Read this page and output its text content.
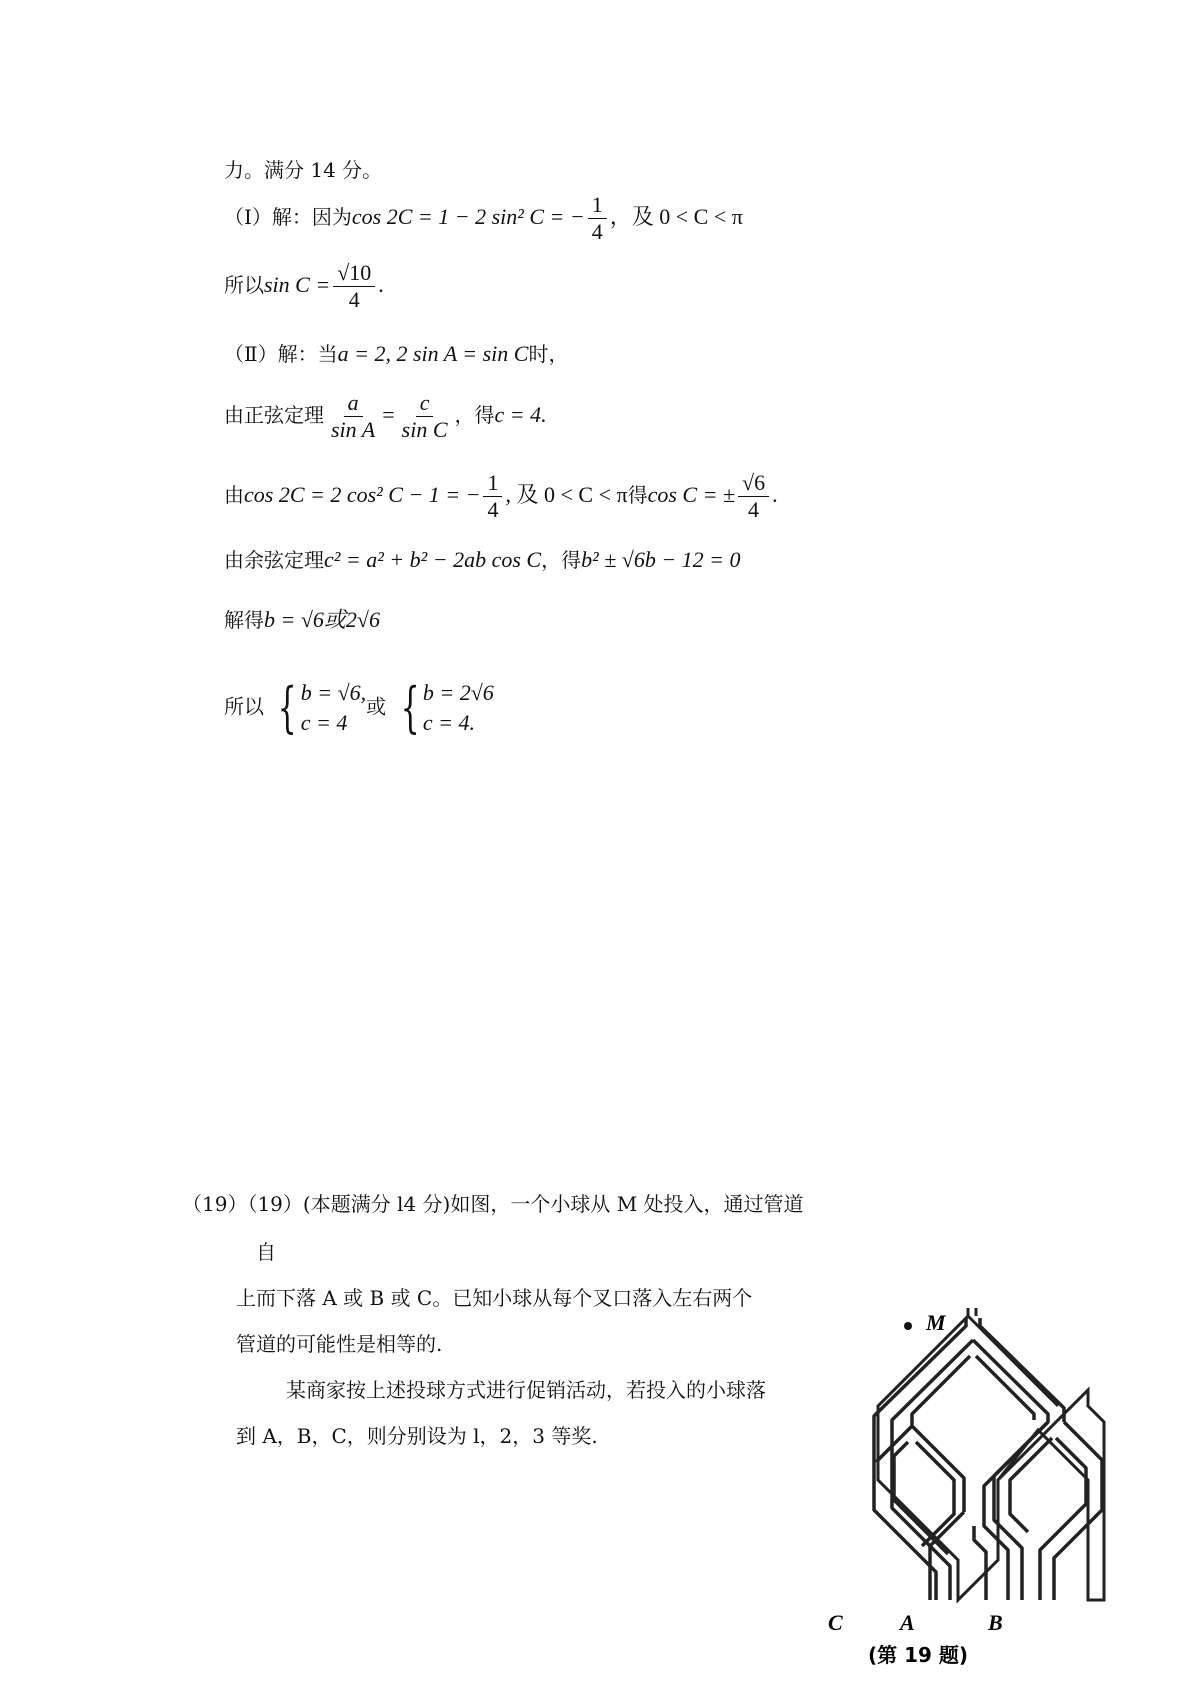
力。满分 14 分。
（Ⅰ）解：因为cos 2C = 1 − 2 sin² C = − $\frac{1}{4}$ ，及 0 < C < π
所以$\sin C = \frac{√10}{4}$ .
（Ⅱ）解：当a = 2, 2 sin A = sin C时，
由正弦定理 $\frac{a}{\text{sin A}} = \frac{c}{\text{sin C}}$ ，得c = 4.
由cos 2C = 2 cos² C − 1 = − $\frac{1}{4}$ , 及 0 < C < π得cos C = ± $\frac{√6}{4}$ .
由余弦定理c² = a² + b² − 2ab cos C，得b² ± √6b − 12 = 0
解得b = √6或2√6
所以 { b = √6,
c = 4
或 { b = 2√6
c = 4.
（19）（19）(本题满分 l4 分)如图，一个小球从 M 处投入，通过管道
自
上而下落 A 或 B 或 C。已知小球从每个叉口落入左右两个
管道的可能性是相等的.
某商家按上述投球方式进行促销活动，若投入的小球落
到 A，B，C，则分别设为 l，2，3 等奖.
M
C	A	B
(第 19 题)
